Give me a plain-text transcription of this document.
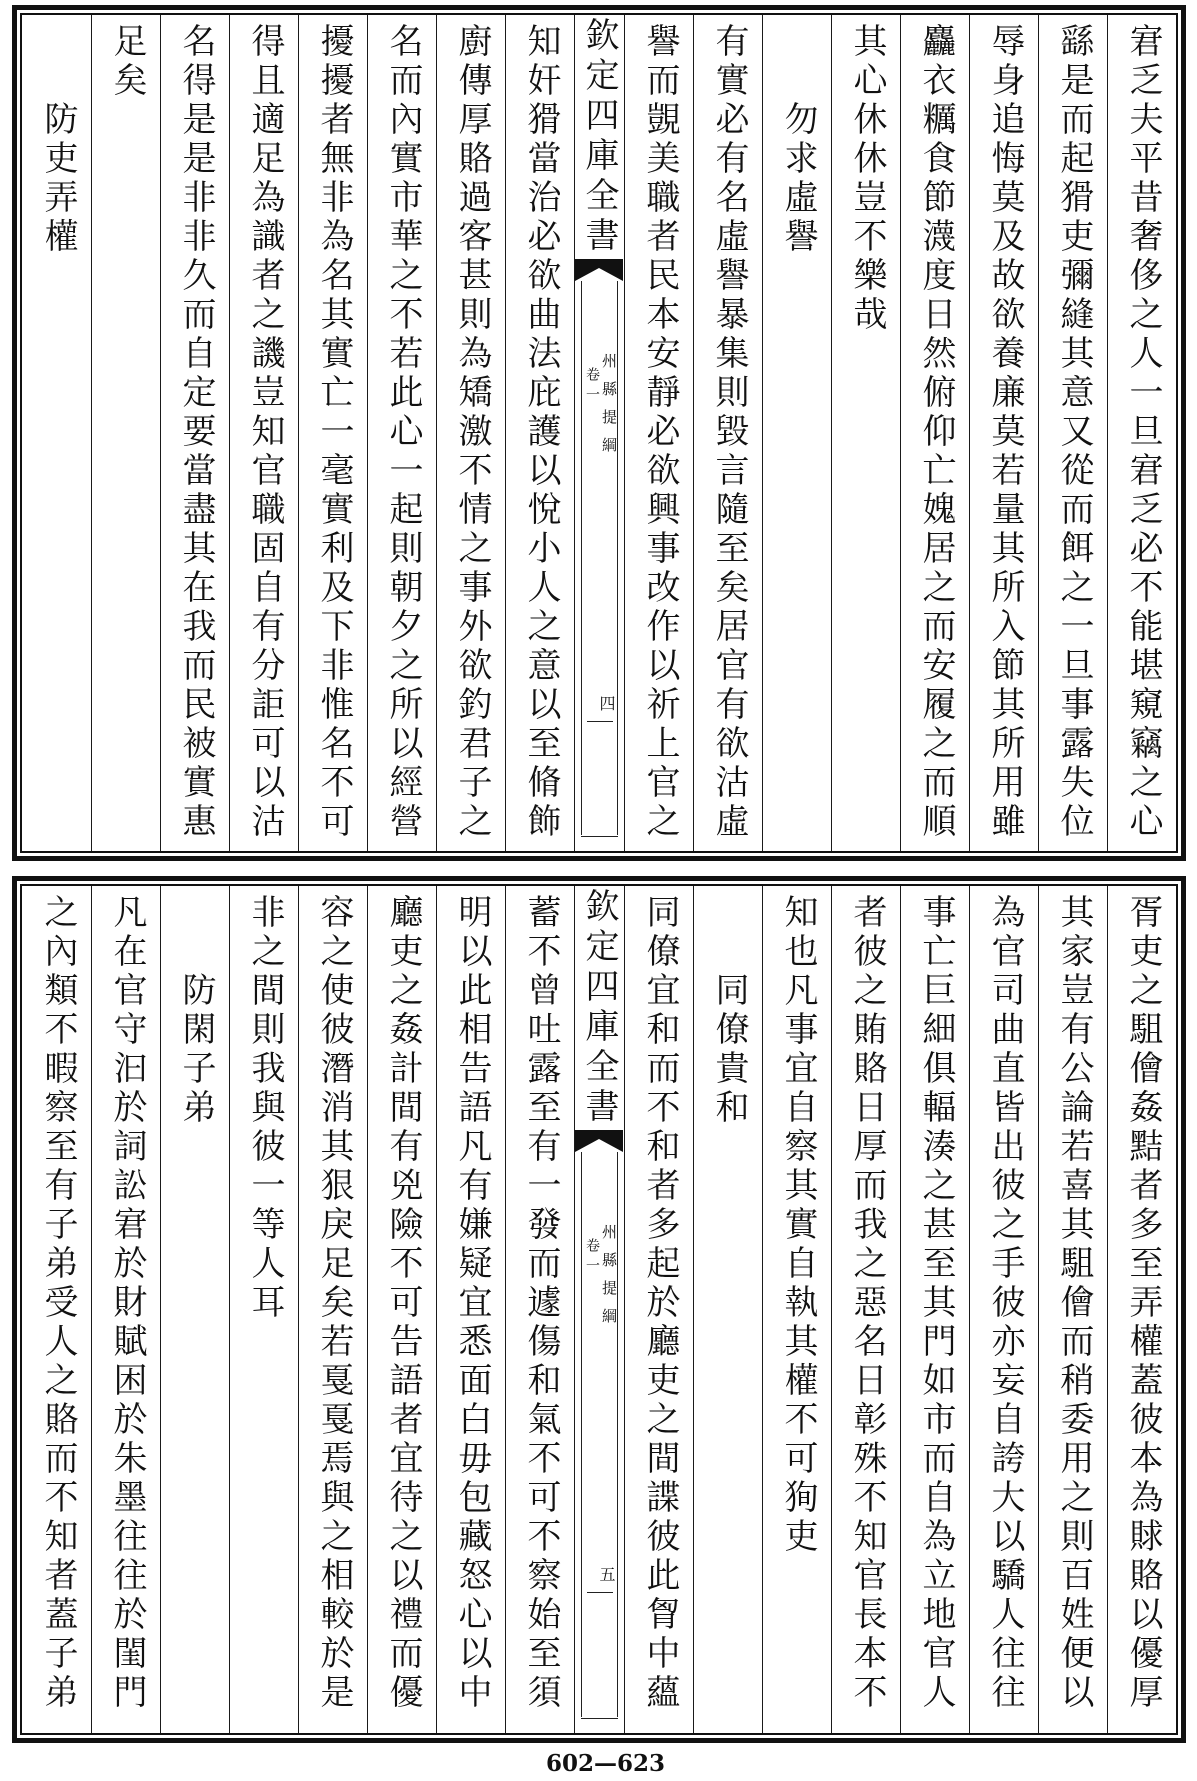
宭乏夫平昔奢侈之人一旦宭乏必不能堪窺竊之心
繇是而起猾吏彌縫其意又從而餌之一旦事露失位
辱身追悔莫及故欲養廉莫若量其所入節其所用雖
麤衣糲食節瀎度日然俯仰亡媿居之而安履之而順
其心休休豈不樂哉
勿求虛譽
有實必有名虛譽暴集則毀言隨至矣居官有欲沽虛
譽而覬美職者民本安靜必欲興事改作以祈上官之
欽定四庫全書
州縣提綱
卷一
四
知奸猾當治必欲曲法庇護以悅小人之意以至脩飾
廚傳厚賂過客甚則為矯激不情之事外欲釣君子之
名而內實市華之不若此心一起則朝夕之所以經營
擾擾者無非為名其實亡一毫實利及下非惟名不可
得且適足為識者之譏豈知官職固自有分詎可以沽
名得是是非非久而自定要當盡其在我而民被實惠
足矣
防吏弄權
胥吏之駔儈姦黠者多至弄權蓋彼本為賕賂以優厚
其家豈有公論若喜其駔儈而稍委用之則百姓便以
為官司曲直皆出彼之手彼亦妄自誇大以驕人往往
事亡巨細俱輻湊之甚至其門如市而自為立地官人
者彼之賄賂日厚而我之惡名日彰殊不知官長本不
知也凡事宜自察其實自執其權不可狥吏
同僚貴和
同僚宜和而不和者多起於廳吏之間諜彼此胷中蘊
欽定四庫全書
州縣提綱
卷一
五
蓄不曾吐露至有一發而遽傷和氣不可不察始至須
明以此相告語凡有嫌疑宜悉面白毋包藏怒心以中
廳吏之姦計間有兇險不可告語者宜待之以禮而優
容之使彼潛消其狠戾足矣若戛戛焉與之相較於是
非之間則我與彼一等人耳
防閑子弟
凡在官守汩於詞訟宭於財賦困於朱墨往往於閨門
之內類不暇察至有子弟受人之賂而不知者蓋子弟
602—623
